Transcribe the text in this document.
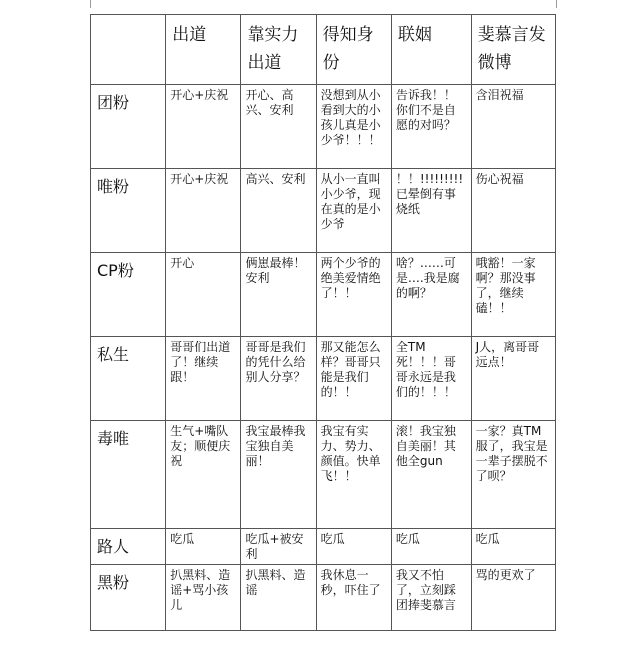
	出道	靠实力出道	得知身份	联姻	斐慕言发微博
团粉	开心+庆祝	开心、高兴、安利	没想到从小看到大的小孩儿真是小少爷！！！	告诉我！！你们不是自愿的对吗？	含泪祝福
唯粉	开心+庆祝	高兴、安利	从小一直叫小少爷，现在真的是小少爷	！！!!!!!!!!!已晕倒有事烧纸	伤心祝福
CP粉	开心	俩崽最棒！安利	两个少爷的绝美爱情绝了！！	啥？……可是….我是腐的啊？	哦豁！一家啊？那没事了，继续磕！！
私生	哥哥们出道了！继续跟！	哥哥是我们的凭什么给别人分享？	那又能怎么样？哥哥只能是我们的！！	全TM死！！！哥哥永远是我们的！！！	J人，离哥哥远点！
毒唯	生气+嘴队友；顺便庆祝	我宝最棒我宝独自美丽！	我宝有实力、势力、颜值。快单飞！！	滚！我宝独自美丽！其他全gun	一家？真TM服了，我宝是一辈子摆脱不了呗？
路人	吃瓜	吃瓜+被安利	吃瓜	吃瓜	吃瓜
黑粉	扒黑料、造谣+骂小孩儿	扒黑料、造谣	我休息一秒，吓住了	我又不怕了，立刻踩团捧斐慕言	骂的更欢了
